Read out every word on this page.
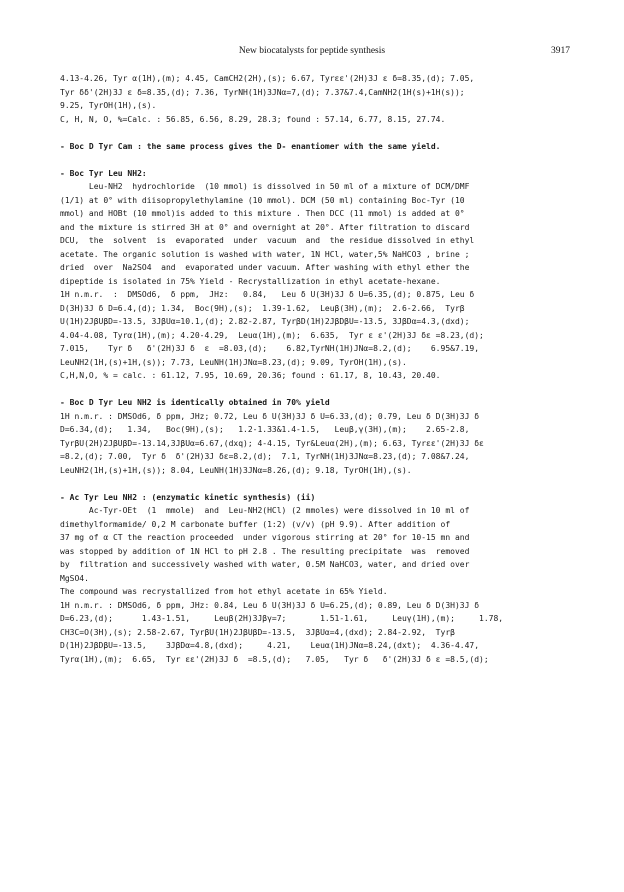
New biocatalysts for peptide synthesis	3917
4.13-4.26, Tyr α(1H),(m); 4.45, CamCH2(2H),(s); 6.67, Tyrεε'(2H)3J ε δ=8.35,(d); 7.05,
Tyr δδ'(2H)3J ε δ=8.35,(d); 7.36, TyrNH(1H)3JNα=7,(d); 7.37&7.4,CamNH2(1H(s)+1H(s));
9.25, TyrOH(1H),(s).
C, H, N, O, %=Calc. : 56.85, 6.56, 8.29, 28.3; found : 57.14, 6.77, 8.15, 27.74.
- Boc D Tyr Cam : the same process gives the D- enantiomer with the same yield.
- Boc Tyr Leu NH2:
Leu-NH2  hydrochloride  (10 mmol) is dissolved in 50 ml of a mixture of DCM/DMF
(1/1) at 0° with diisopropylethylamine (10 mmol). DCM (50 ml) containing Boc-Tyr (10
mmol) and HOBt (10 mmol)is added to this mixture . Then DCC (11 mmol) is added at 0°
and the mixture is stirred 3H at 0° and overnight at 20°. After filtration to discard
DCU,  the  solvent  is  evaporated  under  vacuum  and  the residue dissolved in ethyl
acetate. The organic solution is washed with water, 1N HCl, water,5% NaHCO3 , brine ;
dried  over  Na2SO4  and  evaporated under vacuum. After washing with ethyl ether the
dipeptide is isolated in 75% Yield - Recrystallization in ethyl acetate-hexane.
1H n.m.r.  :  DMSOd6,  δ ppm,  JHz:   0.84,   Leu δ U(3H)3J δ U=6.35,(d); 0.875, Leu δ
D(3H)3J δ D=6.4,(d); 1.34,  Boc(9H),(s);  1.39-1.62,  Leuβ(3H),(m);  2.6-2.66,  Tyrβ
U(1H)2JβUβD=-13.5, 3JβUα=10.1,(d); 2.82-2.87, TyrβD(1H)2JβDβU=-13.5, 3JβDα=4.3,(dxd);
4.04-4.08, Tyrα(1H),(m); 4.20-4.29,  Leuα(1H),(m);  6.635,  Tyr ε ε'(2H)3J δε =8.23,(d);
7.015,    Tyr δ   δ'(2H)3J δ  ε  =8.03,(d);    6.82,TyrNH(1H)JNα=8.2,(d);    6.95&7.19,
LeuNH2(1H,(s)+1H,(s)); 7.73, LeuNH(1H)JNα=8.23,(d); 9.09, TyrOH(1H),(s).
C,H,N,O, % = calc. : 61.12, 7.95, 10.69, 20.36; found : 61.17, 8, 10.43, 20.40.
- Boc D Tyr Leu NH2 is identically obtained in 70% yield
1H n.m.r. : DMSOd6, δ ppm, JHz; 0.72, Leu δ U(3H)3J δ U=6.33,(d); 0.79, Leu δ D(3H)3J δ
D=6.34,(d);   1.34,   Boc(9H),(s);   1.2-1.33&1.4-1.5,   Leuβ,γ(3H),(m);    2.65-2.8,
TyrβU(2H)2JβUβD=-13.14,3JβUα=6.67,(dxq); 4-4.15, Tyr&Leuα(2H),(m); 6.63, Tyrεε'(2H)3J δε
=8.2,(d); 7.00,  Tyr δ  δ'(2H)3J δε=8.2,(d);  7.1, TyrNH(1H)3JNα=8.23,(d); 7.08&7.24,
LeuNH2(1H,(s)+1H,(s)); 8.04, LeuNH(1H)3JNα=8.26,(d); 9.18, TyrOH(1H),(s).
- Ac Tyr Leu NH2 : (enzymatic kinetic synthesis) (ii)
Ac-Tyr-OEt  (1  mmole)  and  Leu-NH2(HCl) (2 mmoles) were dissolved in 10 ml of
dimethylformamide/ 0,2 M carbonate buffer (1:2) (v/v) (pH 9.9). After addition of
37 mg of α CT the reaction proceeded  under vigorous stirring at 20° for 10-15 mn and
was stopped by addition of 1N HCl to pH 2.8 . The resulting precipitate  was  removed
by  filtration and successively washed with water, 0.5M NaHCO3, water, and dried over
MgSO4.
The compound was recrystallized from hot ethyl acetate in 65% Yield.
1H n.m.r. : DMSOd6, δ ppm, JHz: 0.84, Leu δ U(3H)3J δ U=6.25,(d); 0.89, Leu δ D(3H)3J δ
D=6.23,(d);      1.43-1.51,     Leuβ(2H)3Jβγ=7;       1.51-1.61,     Leuγ(1H),(m);     1.78,
CH3C=O(3H),(s); 2.58-2.67, TyrβU(1H)2JβUβD=-13.5,  3JβUα=4,(dxd); 2.84-2.92,  Tyrβ
D(1H)2JβDβU=-13.5,    3JβDα=4.8,(dxd);     4.21,    Leuα(1H)JNα=8.24,(dxt);  4.36-4.47,
Tyrα(1H),(m);  6.65,  Tyr εε'(2H)3J δ  =8.5,(d);   7.05,   Tyr δ   δ'(2H)3J δ ε =8.5,(d);
